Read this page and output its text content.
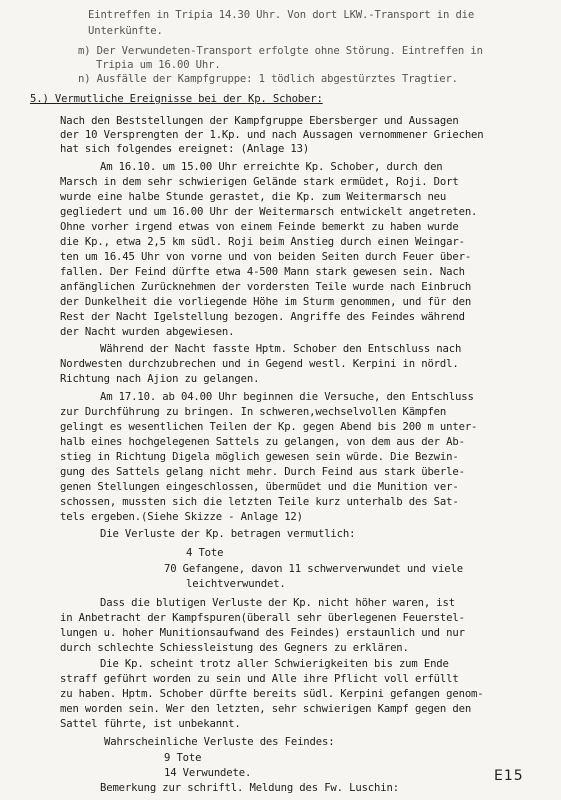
Eintreffen in Tripia 14.30 Uhr. Von dort LKW.-Transport in die
Unterkünfte.
m) Der Verwundeten-Transport erfolgte ohne Störung. Eintreffen in
Tripia um 16.00 Uhr.
n) Ausfälle der Kampfgruppe: 1 tödlich abgestürztes Tragtier.
5.) Vermutliche Ereignisse bei der Kp. Schober:
Nach den Beststellungen der Kampfgruppe Ebersberger und Aussagen
der 10 Versprengten der 1.Kp. und nach Aussagen vernommener Griechen
hat sich folgendes ereignet: (Anlage 13)
Am 16.10. um 15.00 Uhr erreichte Kp. Schober, durch den
Marsch in dem sehr schwierigen Gelände stark ermüdet, Roji. Dort
wurde eine halbe Stunde gerastet, die Kp. zum Weitermarsch neu
gegliedert und um 16.00 Uhr der Weitermarsch entwickelt angetreten.
Ohne vorher irgend etwas von einem Feinde bemerkt zu haben wurde
die Kp., etwa 2,5 km südl. Roji beim Anstieg durch einen Weingar-
ten um 16.45 Uhr von vorne und von beiden Seiten durch Feuer über-
fallen. Der Feind dürfte etwa 4-500 Mann stark gewesen sein. Nach
anfänglichen Zurücknehmen der vordersten Teile wurde nach Einbruch
der Dunkelheit die vorliegende Höhe im Sturm genommen, und für den
Rest der Nacht Igelstellung bezogen. Angriffe des Feindes während
der Nacht wurden abgewiesen.
Während der Nacht fasste Hptm. Schober den Entschluss nach
Nordwesten durchzubrechen und in Gegend westl. Kerpini in nördl.
Richtung nach Ajion zu gelangen.
Am 17.10. ab 04.00 Uhr beginnen die Versuche, den Entschluss
zur Durchführung zu bringen. In schweren,wechselvollen Kämpfen
gelingt es wesentlichen Teilen der Kp. gegen Abend bis 200 m unter-
halb eines hochgelegenen Sattels zu gelangen, von dem aus der Ab-
stieg in Richtung Digela möglich gewesen sein würde. Die Bezwin-
gung des Sattels gelang nicht mehr. Durch Feind aus stark überle-
genen Stellungen eingeschlossen, übermüdet und die Munition ver-
schossen, mussten sich die letzten Teile kurz unterhalb des Sat-
tels ergeben.(Siehe Skizze - Anlage 12)
Die Verluste der Kp. betragen vermutlich:
4 Tote
70 Gefangene, davon 11 schwerverwundet und viele
leichtverwundet.
Dass die blutigen Verluste der Kp. nicht höher waren, ist
in Anbetracht der Kampfspuren(überall sehr überlegenen Feuerstel-
lungen u. hoher Munitionsaufwand des Feindes) erstaunlich und nur
durch schlechte Schiessleistung des Gegners zu erklären.
Die Kp. scheint trotz aller Schwierigkeiten bis zum Ende
straff geführt worden zu sein und Alle ihre Pflicht voll erfüllt
zu haben. Hptm. Schober dürfte bereits südl. Kerpini gefangen genom-
men worden sein. Wer den letzten, sehr schwierigen Kampf gegen den
Sattel führte, ist unbekannt.
Wahrscheinliche Verluste des Feindes:
9 Tote
14 Verwundete.
Bemerkung zur schriftl. Meldung des Fw. Luschin:
E15
